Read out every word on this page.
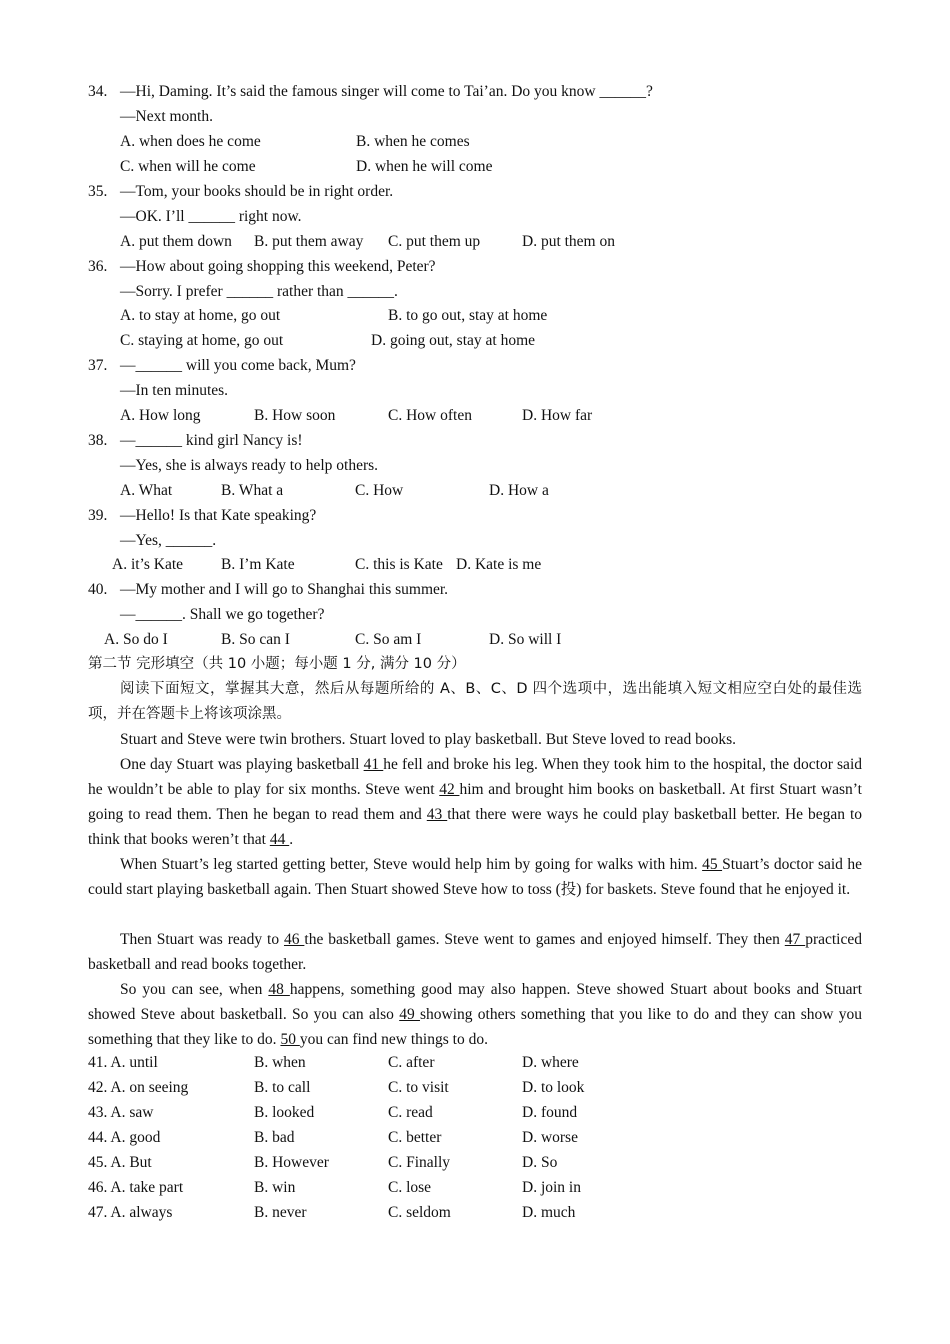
34. —Hi, Daming. It’s said the famous singer will come to Tai’an. Do you know ______?
—Next month.
A. when does he come	B. when he comes
C. when will he come	D. when he will come
35. —Tom, your books should be in right order.
—OK. I’ll ______ right now.
A. put them down B. put them away C. put them up	D. put them on
36. —How about going shopping this weekend, Peter?
—Sorry. I prefer ______ rather than ______.
A. to stay at home, go out	B. to go out, stay at home
C. staying at home, go out	D. going out, stay at home
37. —______ will you come back, Mum?
—In ten minutes.
A. How long	B. How soon	C. How often	D. How far
38. —______ kind girl Nancy is!
—Yes, she is always ready to help others.
A. What	B. What a	C. How	D. How a
39. —Hello! Is that Kate speaking?
—Yes, ______.
A. it’s Kate B. I’m Kate	C. this is Kate D. Kate is me
40. —My mother and I will go to Shanghai this summer.
—______. Shall we go together?
A. So do I	B. So can I	C. So am I	D. So will I
第二节 完形填空（共 10 小题；每小题 1 分, 满分 10 分）
阅读下面短文，掌握其大意，然后从每题所给的 A、B、C、D 四个选项中，选出能填入短文相应空白处的最佳选项，并在答题卡上将该项涂黑。
Stuart and Steve were twin brothers. Stuart loved to play basketball. But Steve loved to read books.
One day Stuart was playing basketball 41 he fell and broke his leg. When they took him to the hospital, the doctor said he wouldn’t be able to play for six months. Steve went 42 him and brought him books on basketball. At first Stuart wasn’t going to read them. Then he began to read them and 43 that there were ways he could play basketball better. He began to think that books weren’t that 44 .
When Stuart’s leg started getting better, Steve would help him by going for walks with him. 45 Stuart’s doctor said he could start playing basketball again. Then Stuart showed Steve how to toss (投) for baskets. Steve found that he enjoyed it.
Then Stuart was ready to 46 the basketball games. Steve went to games and enjoyed himself. They then 47 practiced basketball and read books together.
So you can see, when 48 happens, something good may also happen. Steve showed Stuart about books and Stuart showed Steve about basketball. So you can also 49 showing others something that you like to do and they can show you something that they like to do. 50 you can find new things to do.
41. A. until	B. when	C. after	D. where
42. A. on seeing	B. to call	C. to visit	D. to look
43. A. saw	B. looked	C. read	D. found
44. A. good	B. bad	C. better	D. worse
45. A. But	B. However	C. Finally	D. So
46. A. take part	B. win	C. lose	D. join in
47. A. always	B. never	C. seldom	D. much
